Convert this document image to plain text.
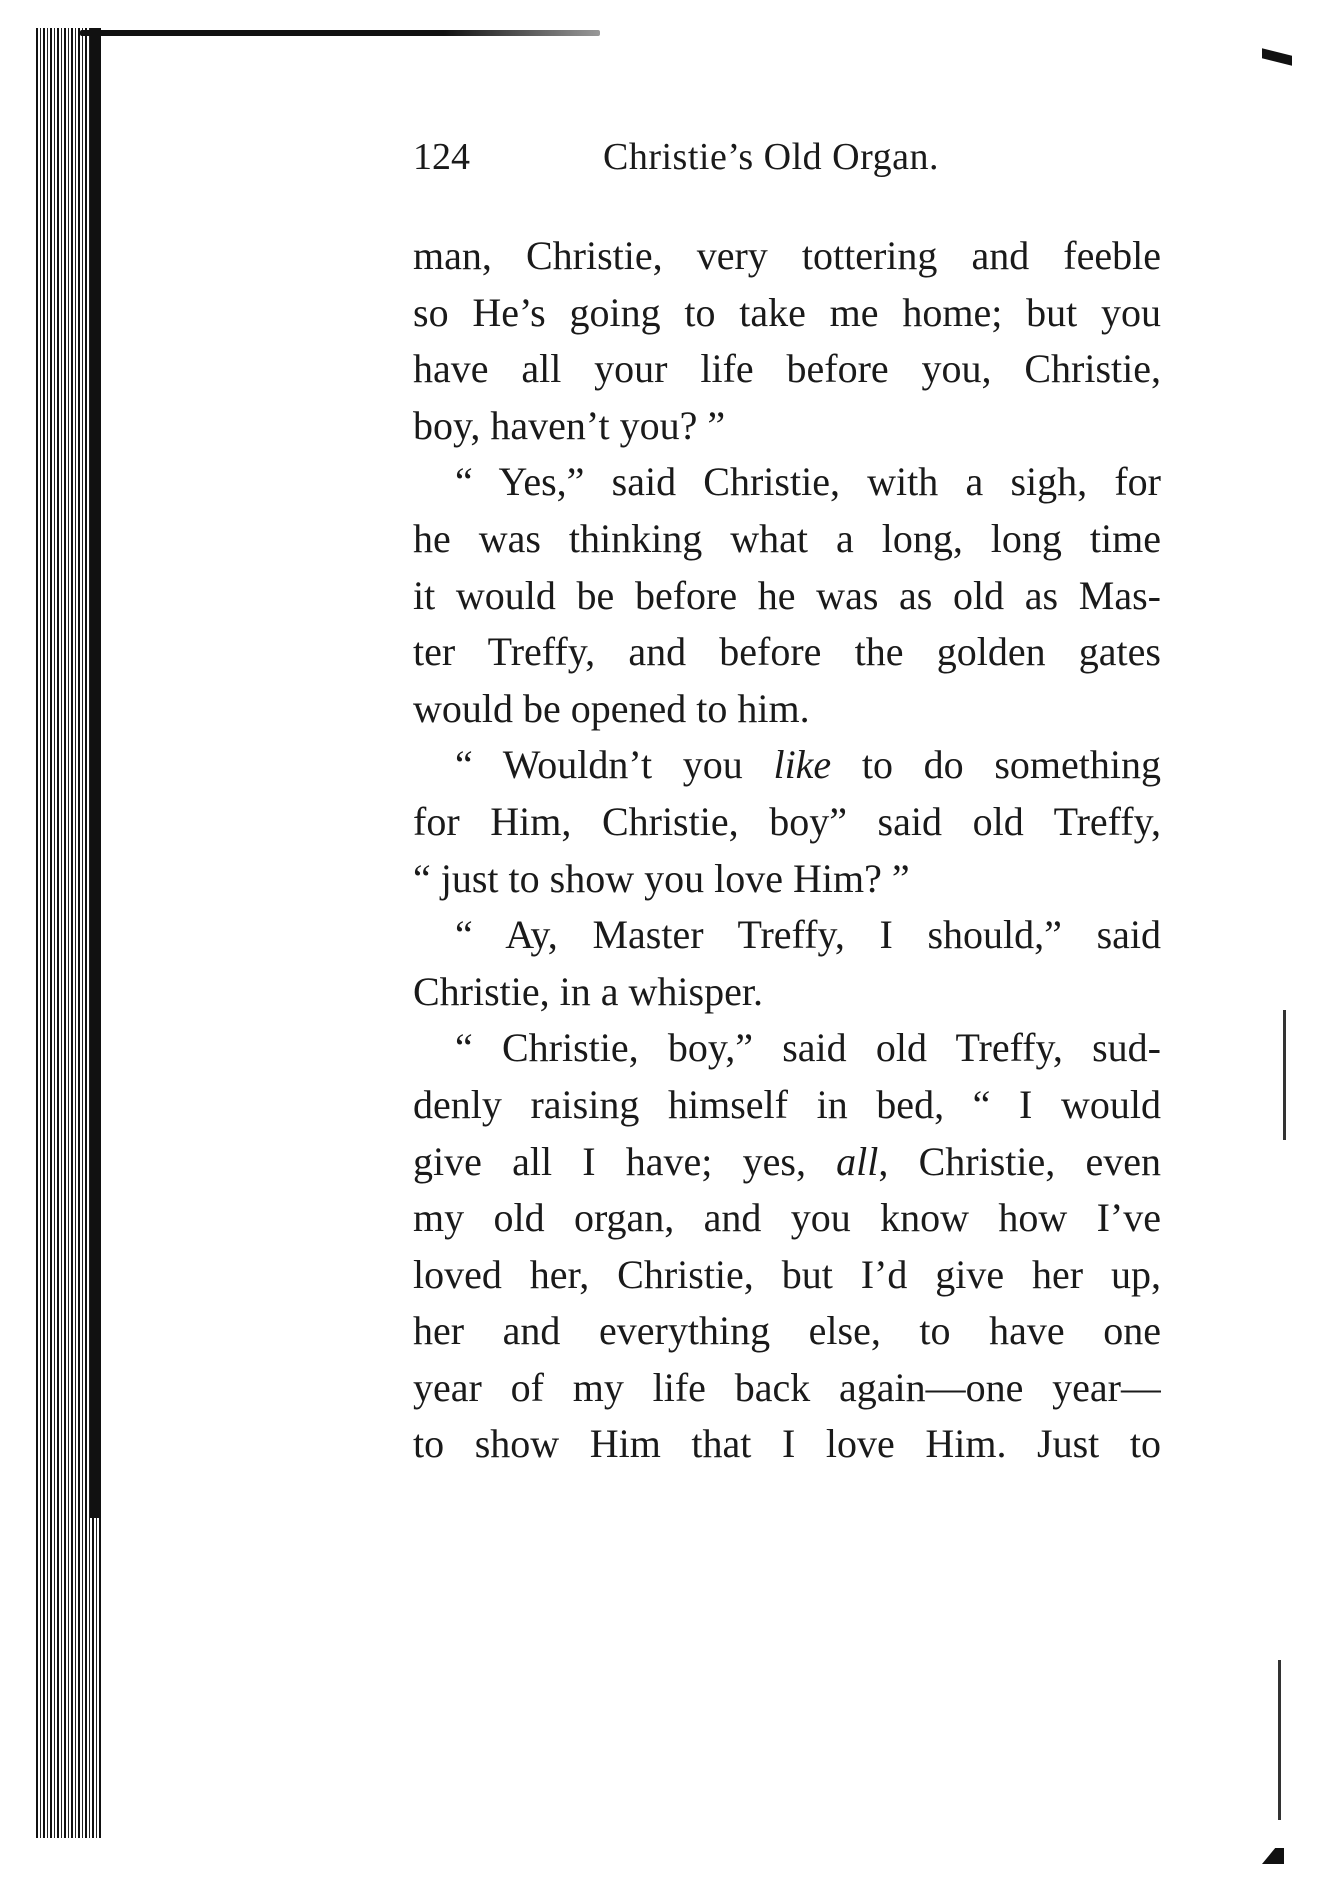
124	Christie’s Old Organ.
man, Christie, very tottering and feeble
so He’s going to take me home; but you
have all your life before you, Christie,
boy, haven’t you? ”
“ Yes,” said Christie, with a sigh, for
he was thinking what a long, long time
it would be before he was as old as Mas-
ter Treffy, and before the golden gates
would be opened to him.
“ Wouldn’t you like to do something
for Him, Christie, boy” said old Treffy,
“ just to show you love Him? ”
“ Ay, Master Treffy, I should,” said
Christie, in a whisper.
“ Christie, boy,” said old Treffy, sud-
denly raising himself in bed, “ I would
give all I have; yes, all, Christie, even
my old organ, and you know how I’ve
loved her, Christie, but I’d give her up,
her and everything else, to have one
year of my life back again—one year—
to show Him that I love Him. Just to
